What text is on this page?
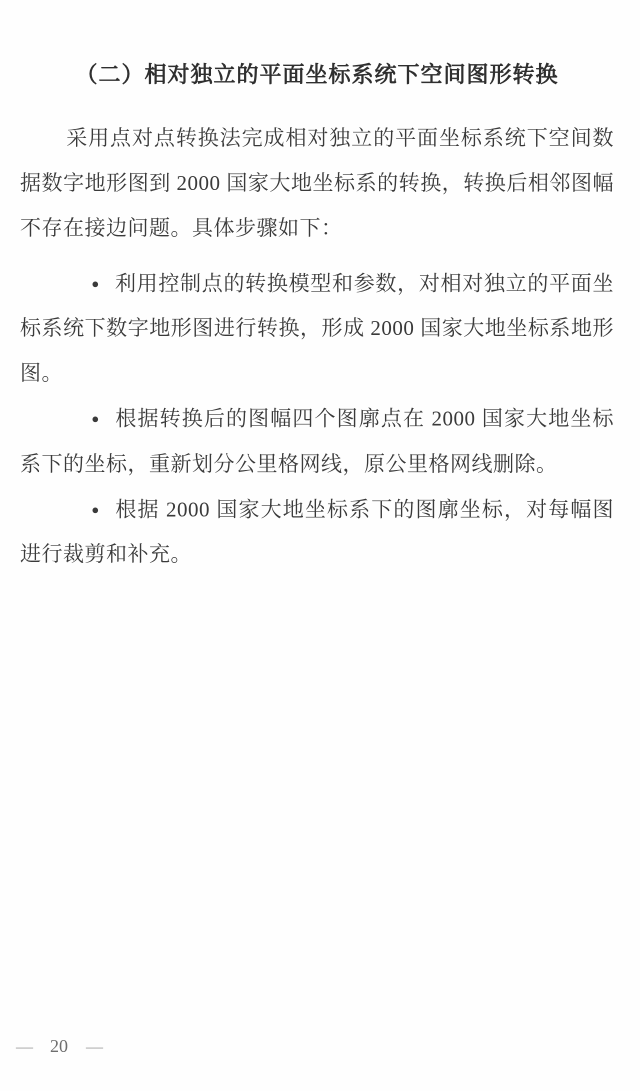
（二）相对独立的平面坐标系统下空间图形转换

采用点对点转换法完成相对独立的平面坐标系统下空间数据数字地形图到 2000 国家大地坐标系的转换，转换后相邻图幅不存在接边问题。具体步骤如下：

● 利用控制点的转换模型和参数，对相对独立的平面坐标系统下数字地形图进行转换，形成 2000 国家大地坐标系地形图。

● 根据转换后的图幅四个图廓点在 2000 国家大地坐标系下的坐标，重新划分公里格网线，原公里格网线删除。

● 根据 2000 国家大地坐标系下的图廓坐标，对每幅图进行裁剪和补充。

— 20 —
